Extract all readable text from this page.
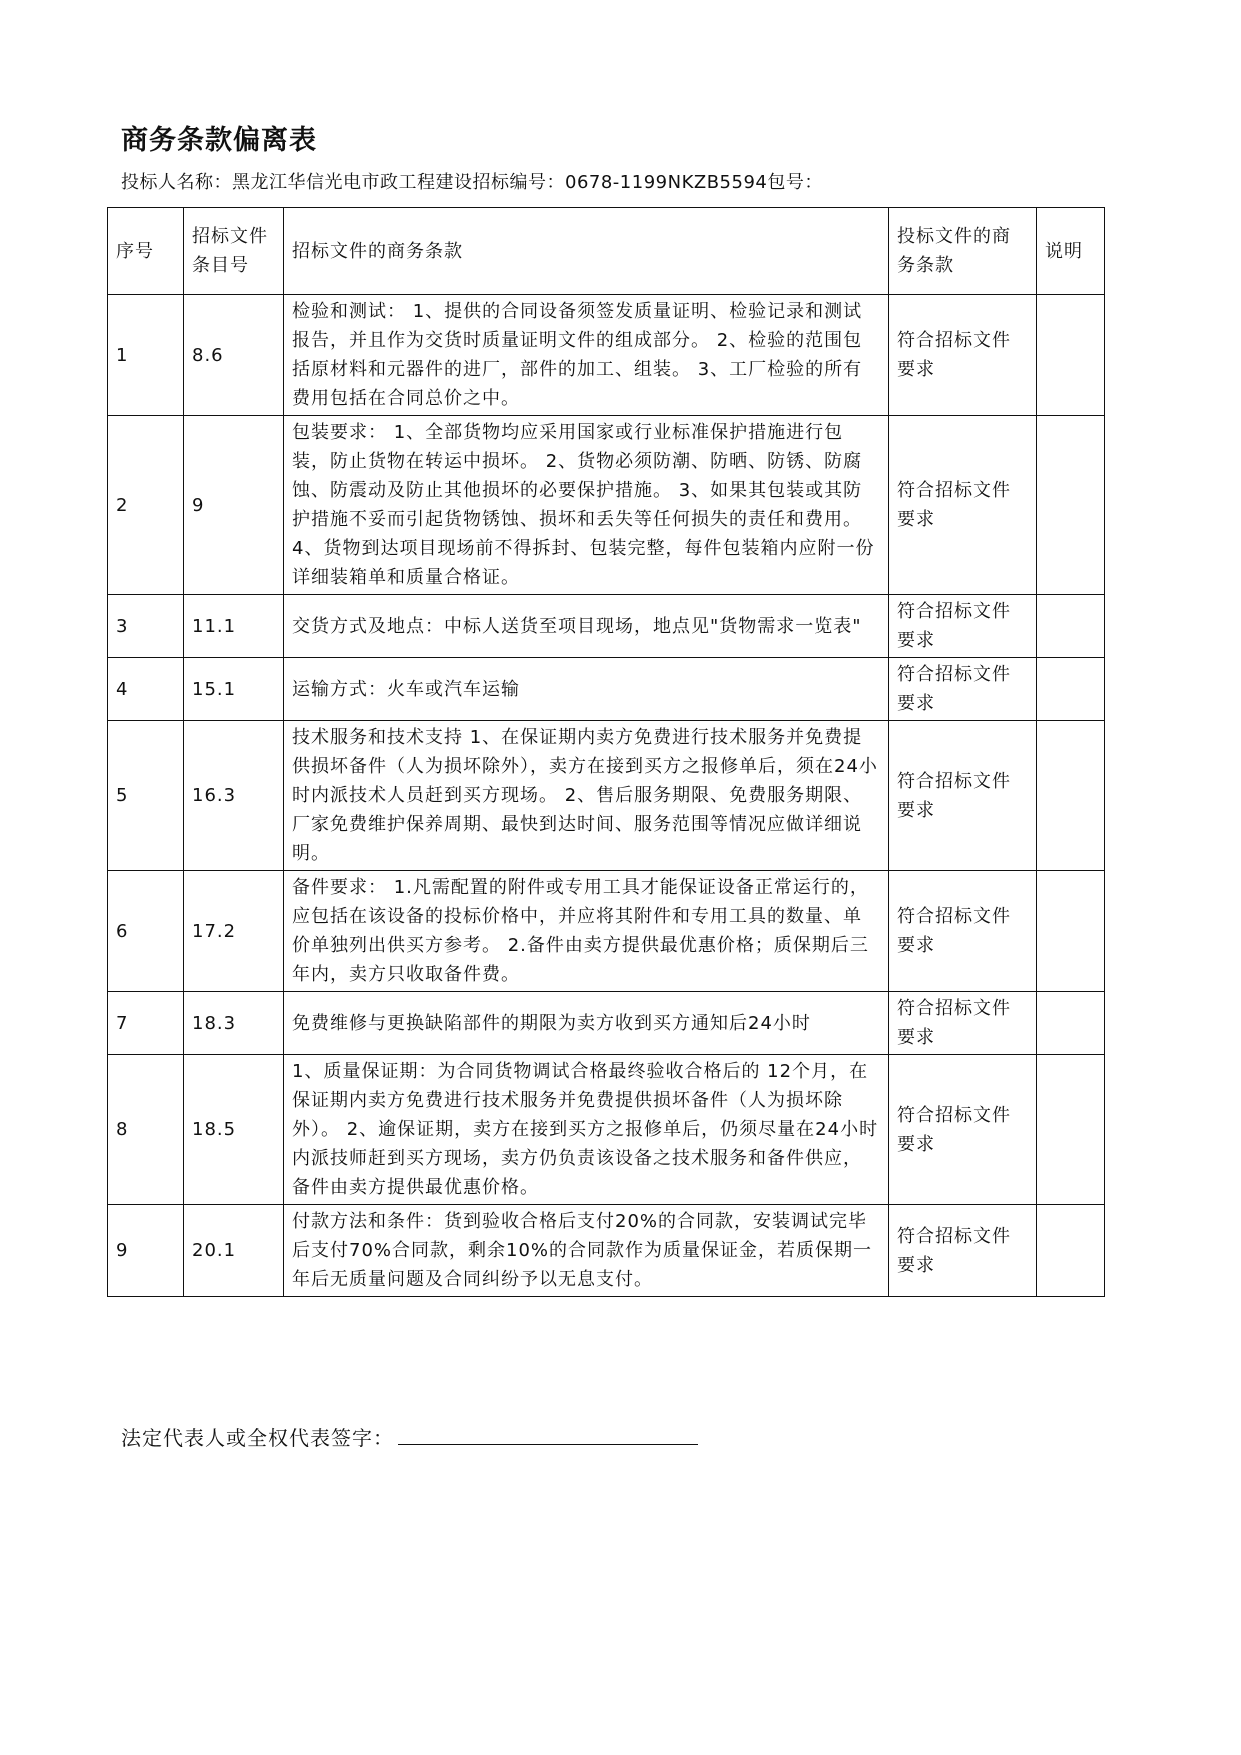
商务条款偏离表
投标人名称：黑龙江华信光电市政工程建设招标编号：0678-1199NKZB5594包号：
序号	招标文件条目号	招标文件的商务条款	投标文件的商务条款	说明
1	8.6	检验和测试： 1、提供的合同设备须签发质量证明、检验记录和测试报告，并且作为交货时质量证明文件的组成部分。 2、检验的范围包括原材料和元器件的进厂，部件的加工、组装。 3、工厂检验的所有费用包括在合同总价之中。	符合招标文件要求	
2	9	包装要求： 1、全部货物均应采用国家或行业标准保护措施进行包装，防止货物在转运中损坏。 2、货物必须防潮、防晒、防锈、防腐蚀、防震动及防止其他损坏的必要保护措施。 3、如果其包装或其防护措施不妥而引起货物锈蚀、损坏和丢失等任何损失的责任和费用。 4、货物到达项目现场前不得拆封、包装完整，每件包装箱内应附一份详细装箱单和质量合格证。	符合招标文件要求	
3	11.1	交货方式及地点：中标人送货至项目现场，地点见"货物需求一览表"	符合招标文件要求	
4	15.1	运输方式：火车或汽车运输	符合招标文件要求	
5	16.3	技术服务和技术支持 1、在保证期内卖方免费进行技术服务并免费提供损坏备件（人为损坏除外），卖方在接到买方之报修单后，须在24小时内派技术人员赶到买方现场。 2、售后服务期限、免费服务期限、厂家免费维护保养周期、最快到达时间、服务范围等情况应做详细说明。	符合招标文件要求	
6	17.2	备件要求： 1.凡需配置的附件或专用工具才能保证设备正常运行的，应包括在该设备的投标价格中，并应将其附件和专用工具的数量、单价单独列出供买方参考。 2.备件由卖方提供最优惠价格；质保期后三年内，卖方只收取备件费。	符合招标文件要求	
7	18.3	免费维修与更换缺陷部件的期限为卖方收到买方通知后24小时	符合招标文件要求	
8	18.5	1、质量保证期：为合同货物调试合格最终验收合格后的 12个月，在保证期内卖方免费进行技术服务并免费提供损坏备件（人为损坏除外）。 2、逾保证期，卖方在接到买方之报修单后，仍须尽量在24小时内派技师赶到买方现场，卖方仍负责该设备之技术服务和备件供应，备件由卖方提供最优惠价格。	符合招标文件要求	
9	20.1	付款方法和条件：货到验收合格后支付20%的合同款，安装调试完毕后支付70%合同款，剩余10%的合同款作为质量保证金，若质保期一年后无质量问题及合同纠纷予以无息支付。	符合招标文件要求	
法定代表人或全权代表签字：
